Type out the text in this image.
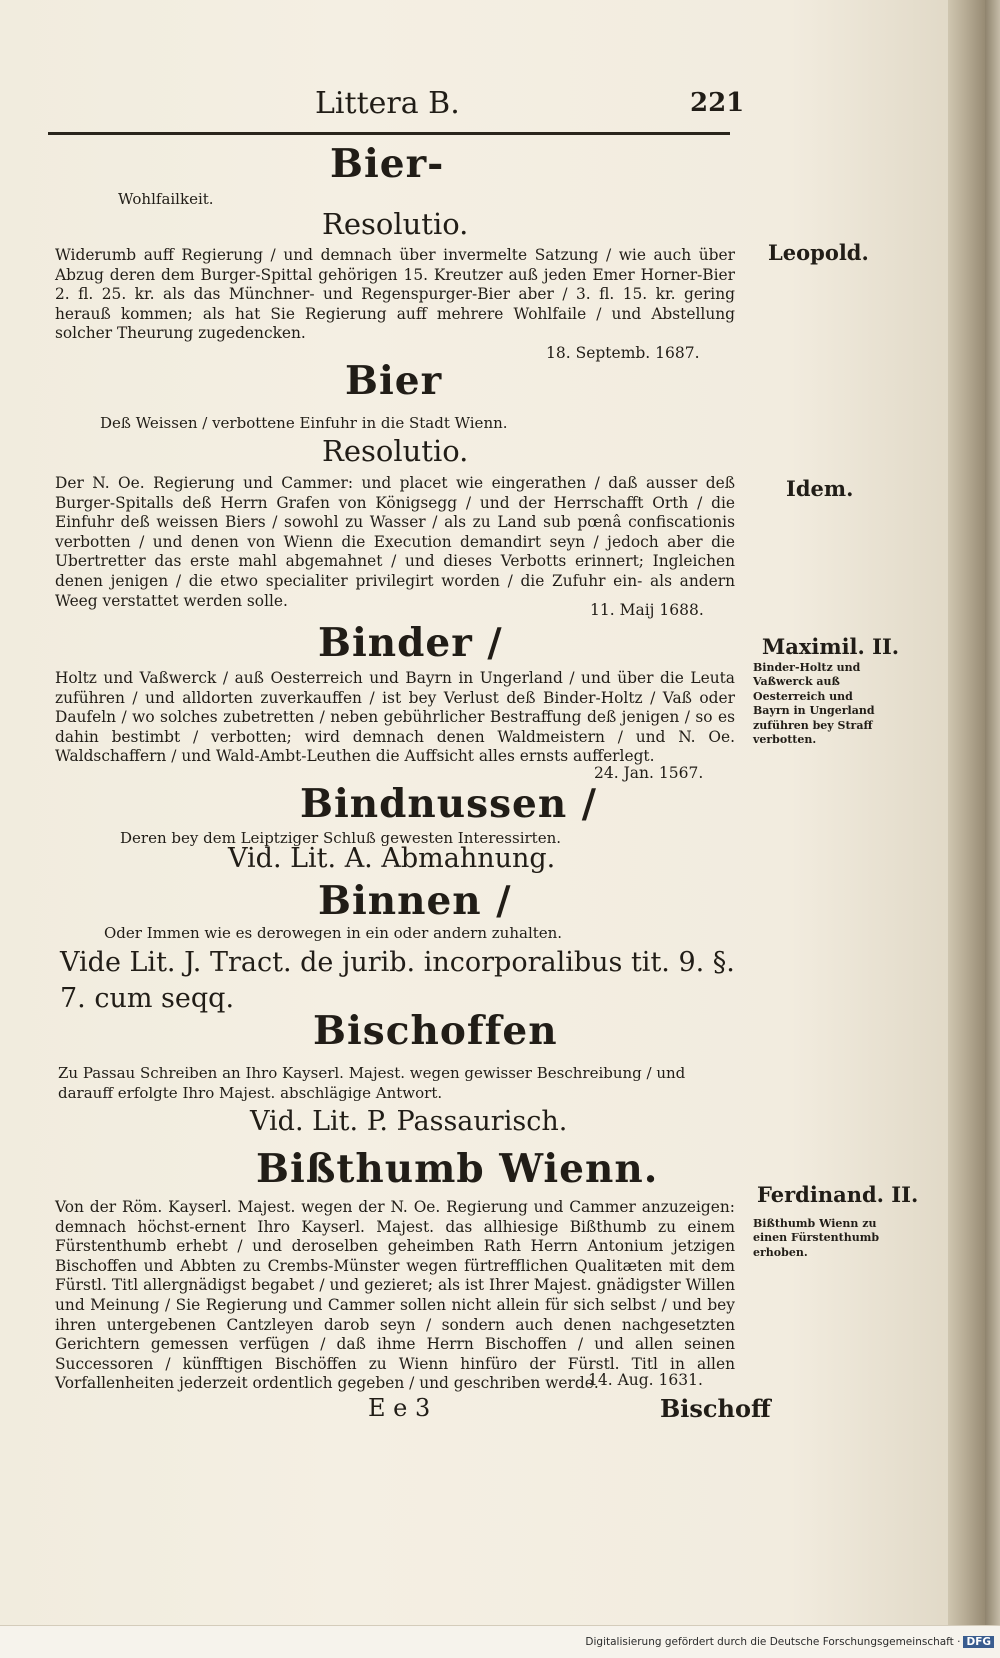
Littera B.	221
Bier-
Wohlfailkeit.
Resolutio.
Widerumb auff Regierung / und demnach über invermelte Satzung / wie auch über Abzug deren dem Burger-Spittal gehörigen 15. Kreutzer auß jeden Emer Horner-Bier 2. fl. 25. kr. als das Münchner- und Regenspurger-Bier aber / 3. fl. 15. kr. gering herauß kommen; als hat Sie Regierung auff mehrere Wohlfaile / und Abstellung solcher Theurung zugedencken.
18. Septemb. 1687.
Leopold.
Bier
Deß Weissen / verbottene Einfuhr in die Stadt Wienn.
Resolutio.
Der N. Oe. Regierung und Cammer: und placet wie eingerathen / daß ausser deß Burger-Spitalls deß Herrn Grafen von Königsegg / und der Herrschafft Orth / die Einfuhr deß weissen Biers / sowohl zu Wasser / als zu Land sub pœnâ confiscationis verbotten / und denen von Wienn die Execution demandirt seyn / jedoch aber die Ubertretter das erste mahl abgemahnet / und dieses Verbotts erinnert; Ingleichen denen jenigen / die etwo specialiter privilegirt worden / die Zufuhr ein- als andern Weeg verstattet werden solle.
11. Maij 1688.
Idem.
Binder /
Holtz und Vaßwerck / auß Oesterreich und Bayrn in Ungerland / und über die Leuta zuführen / und alldorten zuverkauffen / ist bey Verlust deß Binder-Holtz / Vaß oder Daufeln / wo solches zubetretten / neben gebührlicher Bestraffung deß jenigen / so es dahin bestimbt / verbotten; wird demnach denen Waldmeistern / und N. Oe. Waldschaffern / und Wald-Ambt-Leuthen die Auffsicht alles ernsts aufferlegt.
24. Jan. 1567.
Maximil. II.
Binder-Holtz und Vaßwerck auß Oesterreich und Bayrn in Ungerland zuführen bey Straff verbotten.
Bindnussen /
Deren bey dem Leiptziger Schluß gewesten Interessirten.
Vid. Lit. A. Abmahnung.
Binnen /
Oder Immen wie es derowegen in ein oder andern zuhalten.
Vide Lit. J. Tract. de jurib. incorporalibus tit. 9. §. 7. cum seqq.
Bischoffen
Zu Passau Schreiben an Ihro Kayserl. Majest. wegen gewisser Beschreibung / und darauff erfolgte Ihro Majest. abschlägige Antwort.
Vid. Lit. P. Passaurisch.
Bißthumb Wienn.
Von der Röm. Kayserl. Majest. wegen der N. Oe. Regierung und Cammer anzuzeigen: demnach höchst-ernent Ihro Kayserl. Majest. das allhiesige Bißthumb zu einem Fürstenthumb erhebt / und deroselben geheimben Rath Herrn Antonium jetzigen Bischoffen und Abbten zu Crembs-Münster wegen fürtrefflichen Qualitæten mit dem Fürstl. Titl allergnädigst begabet / und gezieret; als ist Ihrer Majest. gnädigster Willen und Meinung / Sie Regierung und Cammer sollen nicht allein für sich selbst / und bey ihren untergebenen Cantzleyen darob seyn / sondern auch denen nachgesetzten Gerichtern gemessen verfügen / daß ihme Herrn Bischoffen / und allen seinen Successoren / künfftigen Bischöffen zu Wienn hinfüro der Fürstl. Titl in allen Vorfallenheiten jederzeit ordentlich gegeben / und geschriben werde.
14. Aug. 1631.
Ferdinand. II.
Bißthumb Wienn zu einen Fürstenthumb erhoben.
E e 3	Bischoff
Digitalisierung gefördert durch die Deutsche Forschungsgemeinschaft · DFG
